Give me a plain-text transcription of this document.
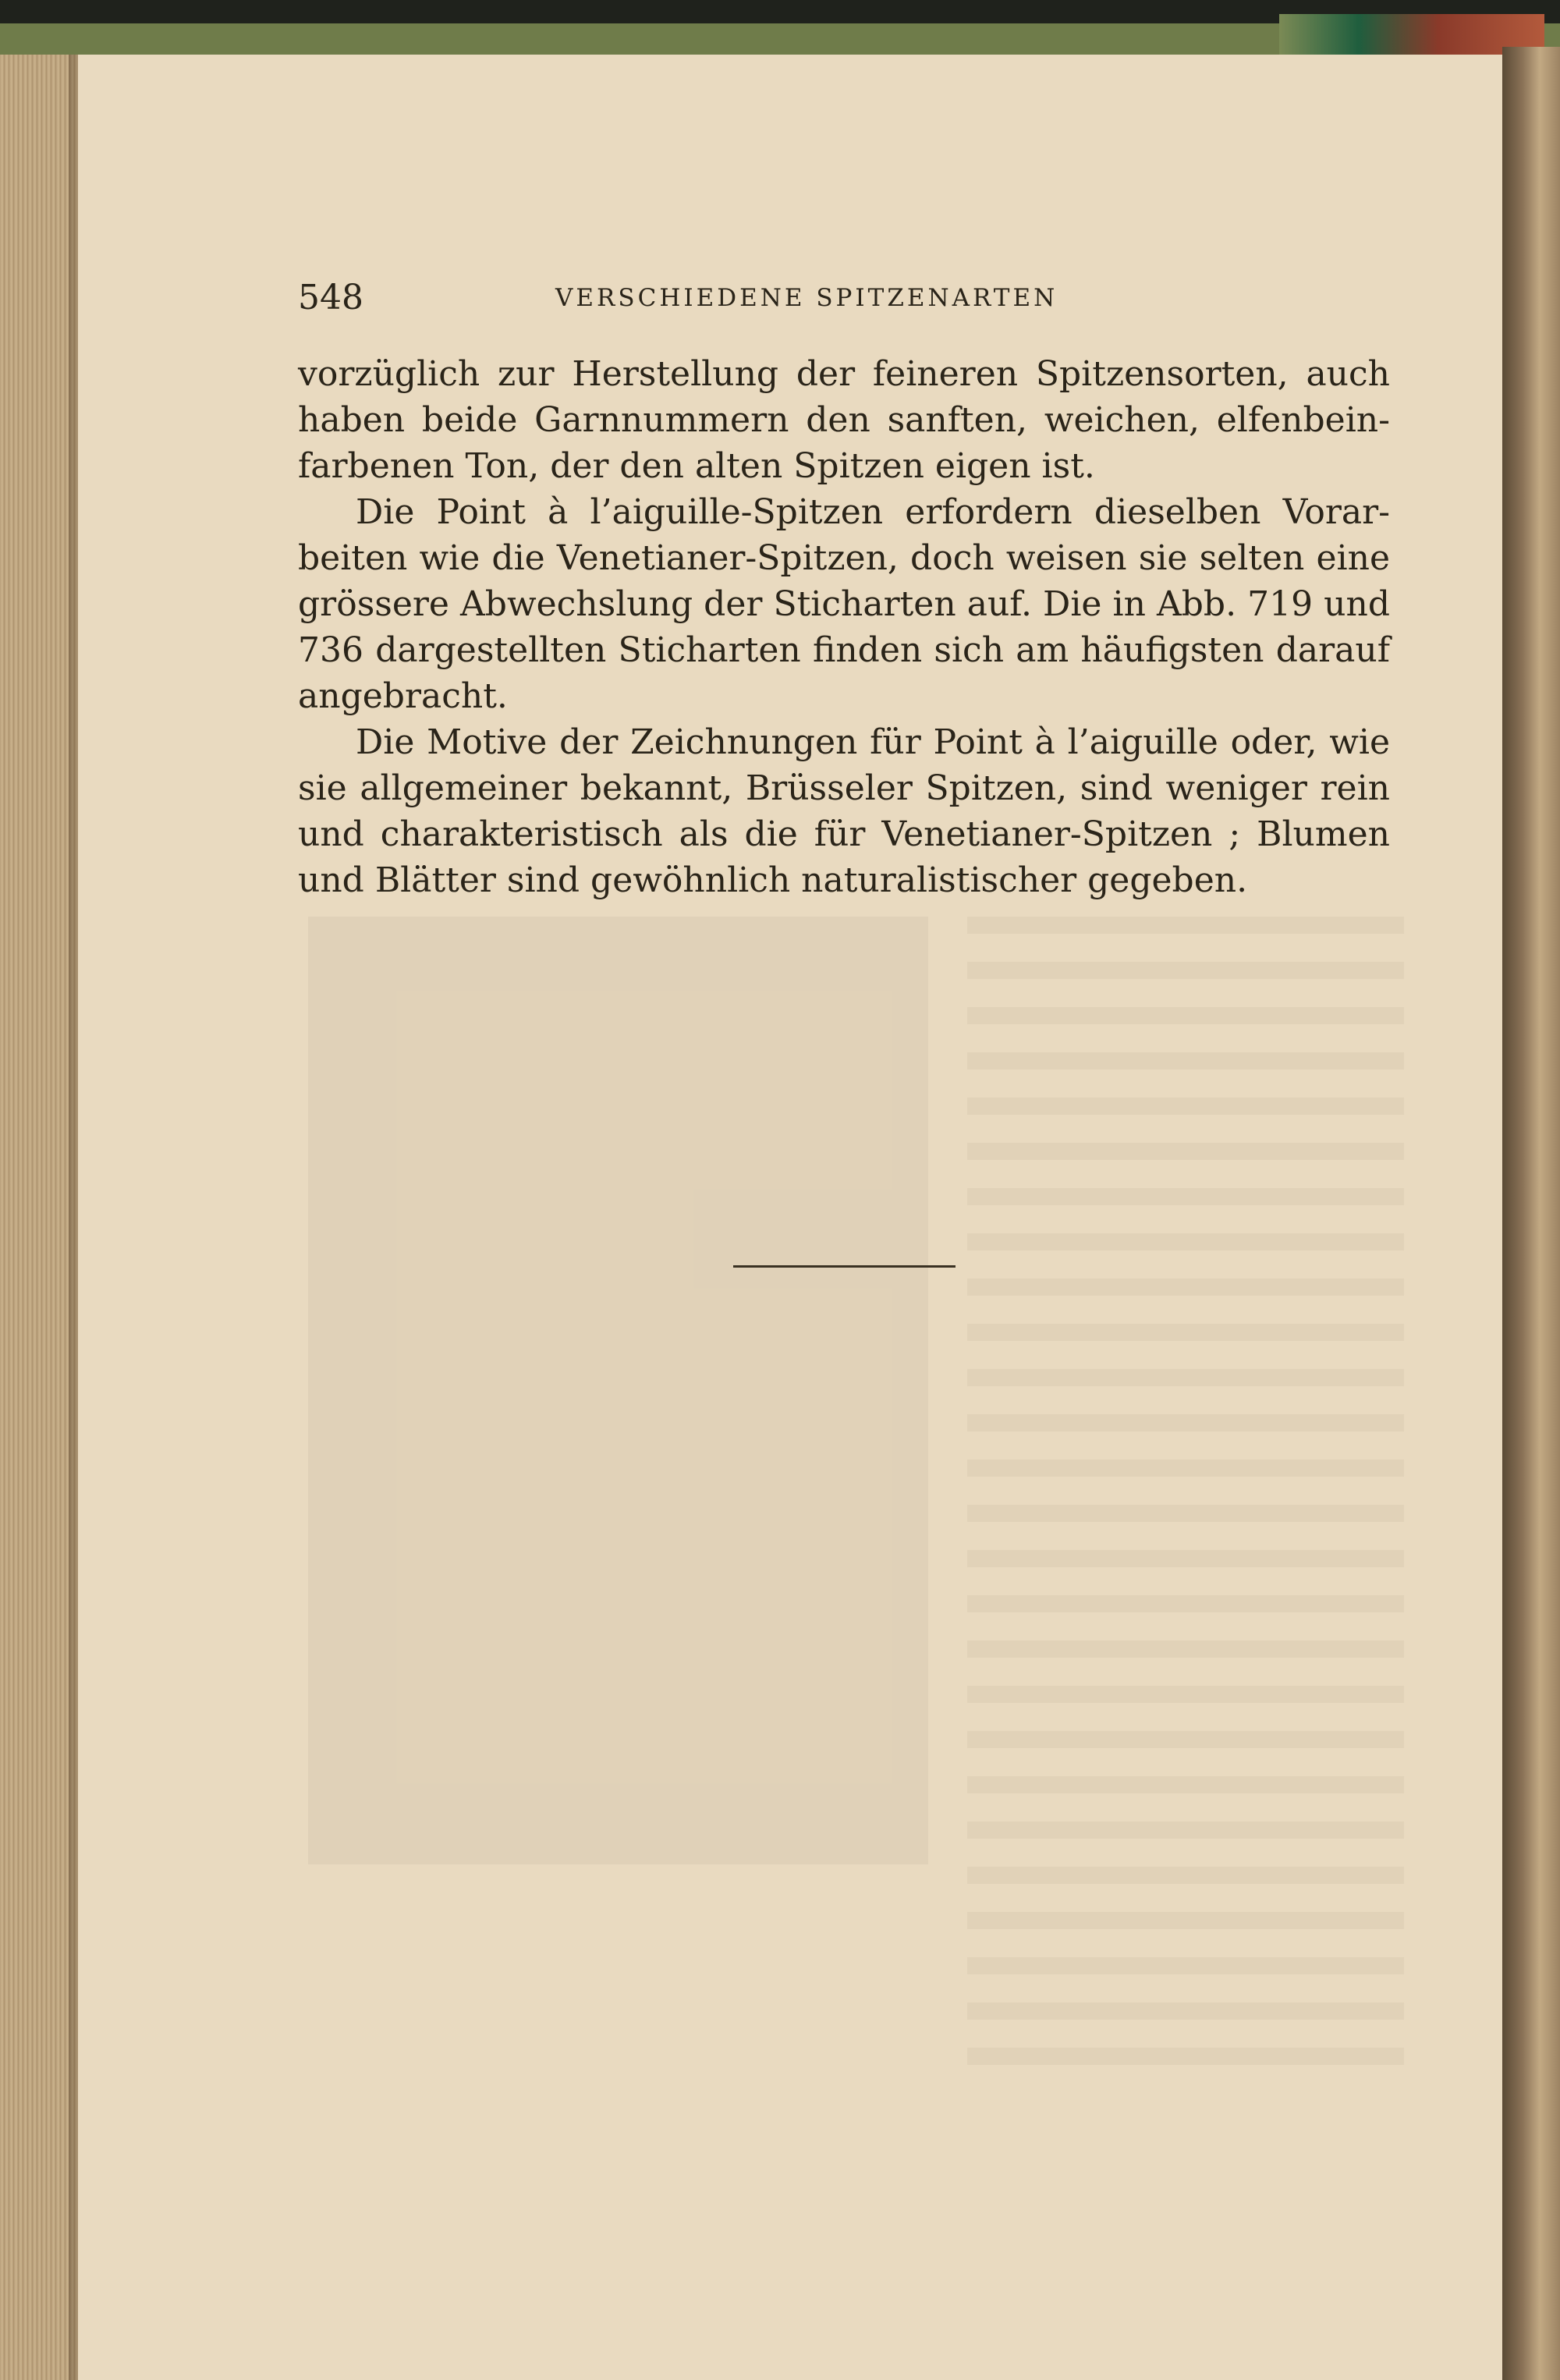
548	VERSCHIEDENE SPITZENARTEN

vorzüglich zur Herstellung der feineren Spitzensorten, auch haben beide Garnnummern den sanften, weichen, elfenbein-farbenen Ton, der den alten Spitzen eigen ist.

Die Point à l’aiguille-Spitzen erfordern dieselben Vorar-beiten wie die Venetianer-Spitzen, doch weisen sie selten eine grössere Abwechslung der Sticharten auf. Die in Abb. 719 und 736 dargestellten Sticharten finden sich am häufigsten darauf angebracht.

Die Motive der Zeichnungen für Point à l’aiguille oder, wie sie allgemeiner bekannt, Brüsseler Spitzen, sind weniger rein und charakteristisch als die für Venetianer-Spitzen ; Blumen und Blätter sind gewöhnlich naturalistischer gegeben.
